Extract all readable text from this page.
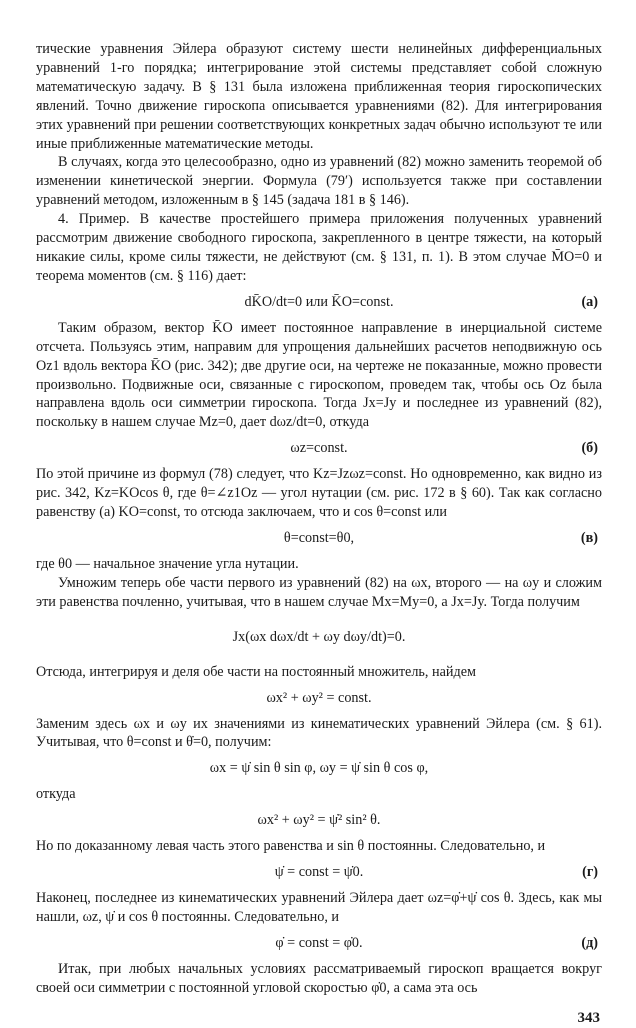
тические уравнения Эйлера образуют систему шести нелинейных дифференциальных уравнений 1-го порядка; интегрирование этой системы представляет собой сложную математическую задачу. В § 131 была изложена приближенная теория гироскопических явлений. Точно движение гироскопа описывается уравнениями (82). Для интегрирования этих уравнений при решении соответствующих конкретных задач обычно используют те или иные приближенные математические методы.

В случаях, когда это целесообразно, одно из уравнений (82) можно заменить теоремой об изменении кинетической энергии. Формула (79′) используется также при составлении уравнений методом, изложенным в § 145 (задача 181 в § 146).

4. Пример. В качестве простейшего примера приложения полученных уравнений рассмотрим движение свободного гироскопа, закрепленного в центре тяжести, на который никакие силы, кроме силы тяжести, не действуют (см. § 131, п. 1). В этом случае M̄O=0 и теорема моментов (см. § 116) дает:

dK̄O/dt=0 или K̄O=const.	(а)

Таким образом, вектор K̄O имеет постоянное направление в инерциальной системе отсчета. Пользуясь этим, направим для упрощения дальнейших расчетов неподвижную ось Oz1 вдоль вектора K̄O (рис. 342); две другие оси, на чертеже не показанные, можно провести произвольно. Подвижные оси, связанные с гироскопом, проведем так, чтобы ось Oz была направлена вдоль оси симметрии гироскопа. Тогда Jx=Jy и последнее из уравнений (82), поскольку в нашем случае Mz=0, дает dωz/dt=0, откуда

ωz=const.	(б)

По этой причине из формул (78) следует, что Kz=Jzωz=const. Но одновременно, как видно из рис. 342, Kz=KOcos θ, где θ=∠z1Oz — угол нутации (см. рис. 172 в § 60). Так как согласно равенству (а) KO=const, то отсюда заключаем, что и cos θ=const или

θ=const=θ0,	(в)

где θ0 — начальное значение угла нутации.

Умножим теперь обе части первого из уравнений (82) на ωx, второго — на ωy и сложим эти равенства почленно, учитывая, что в нашем случае Mx=My=0, а Jx=Jy. Тогда получим

Jx(ωx dωx/dt + ωy dωy/dt)=0.

Отсюда, интегрируя и деля обе части на постоянный множитель, найдем

ωx² + ωy² = const.

Заменим здесь ωx и ωy их значениями из кинематических уравнений Эйлера (см. § 61). Учитывая, что θ=const и θ̇=0, получим:

ωx = ψ̇ sin θ sin φ, ωy = ψ̇ sin θ cos φ,

откуда

ωx² + ωy² = ψ̇² sin² θ.

Но по доказанному левая часть этого равенства и sin θ постоянны. Следовательно, и

ψ̇ = const = ψ̇0.	(г)

Наконец, последнее из кинематических уравнений Эйлера дает ωz=φ̇+ψ̇ cos θ. Здесь, как мы нашли, ωz, ψ̇ и cos θ постоянны. Следовательно, и

φ̇ = const = φ̇0.	(д)

Итак, при любых начальных условиях рассматриваемый гироскоп вращается вокруг своей оси симметрии с постоянной угловой скоростью φ̇0, а сама эта ось

343
